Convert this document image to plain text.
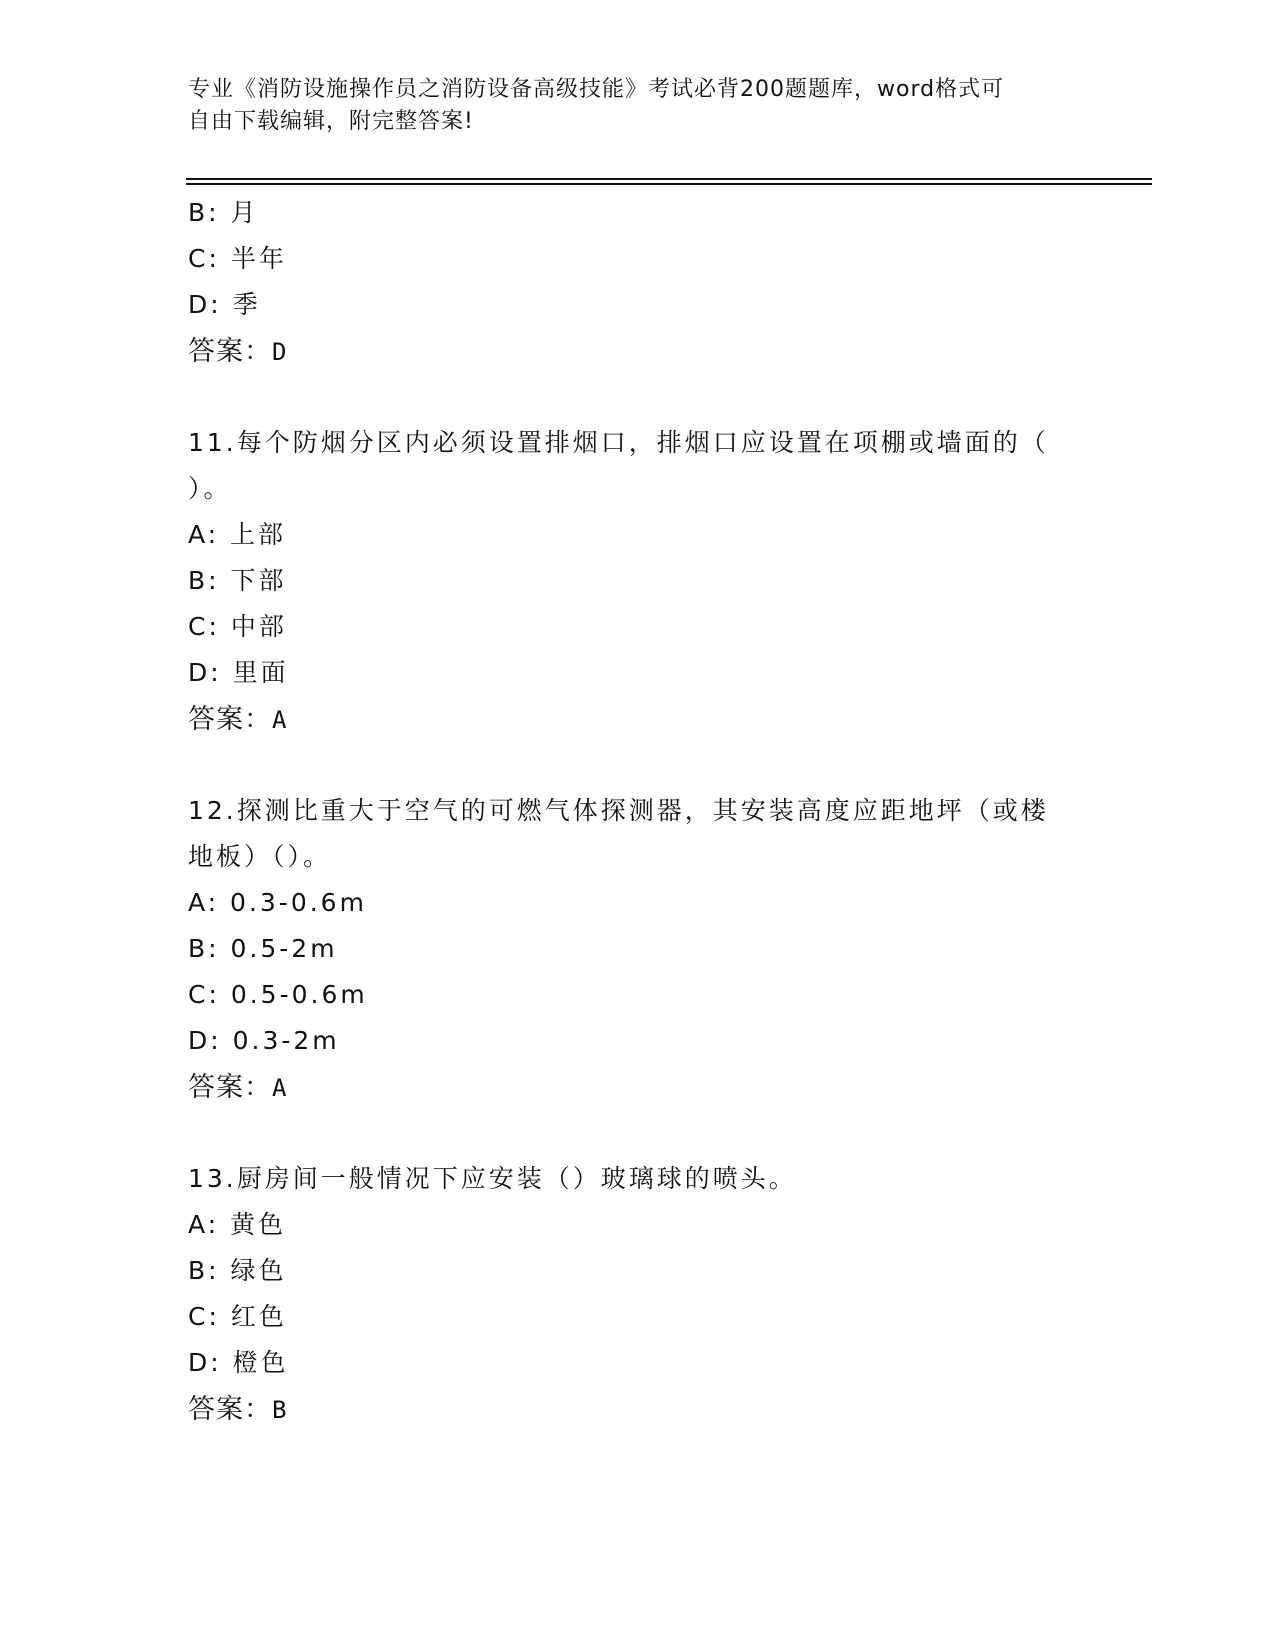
专业《消防设施操作员之消防设备高级技能》考试必背200题题库，word格式可
自由下载编辑，附完整答案!
B: 月
C: 半年
D: 季
答案：D
11.每个防烟分区内必须设置排烟口，排烟口应设置在项棚或墙面的（
）。
A: 上部
B: 下部
C: 中部
D: 里面
答案：A
12.探测比重大于空气的可燃气体探测器，其安装高度应距地坪（或楼
地板）（）。
A: 0.3-0.6m
B: 0.5-2m
C: 0.5-0.6m
D: 0.3-2m
答案：A
13.厨房间一般情况下应安装（）玻璃球的喷头。
A: 黄色
B: 绿色
C: 红色
D: 橙色
答案：B
